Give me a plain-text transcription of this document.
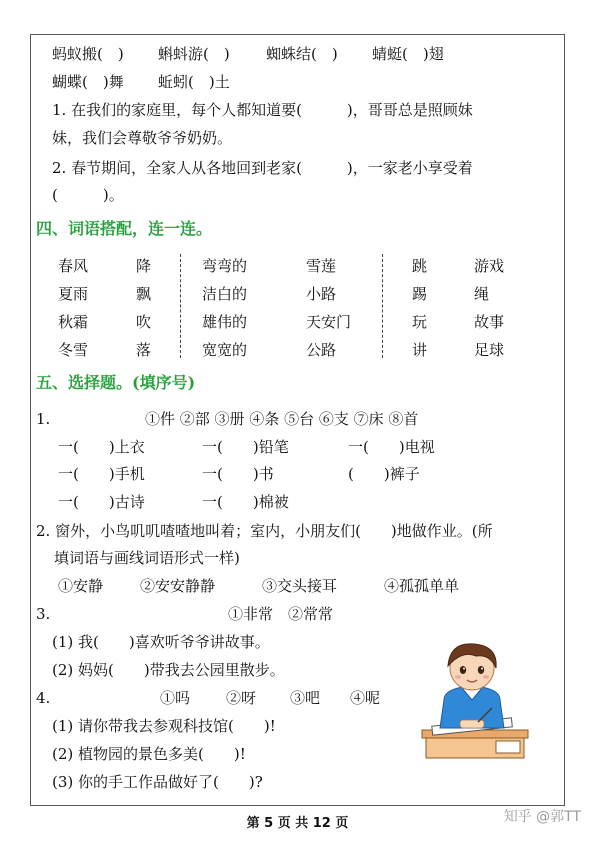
蚂蚁搬(　) 蝌蚪游(　) 蜘蛛结(　) 蜻蜓(　)翅
蝴蝶(　)舞 蚯蚓(　)土
1. 在我们的家庭里，每个人都知道要(　　　)，哥哥总是照顾妹
妹，我们会尊敬爷爷奶奶。
2. 春节期间，全家人从各地回到老家(　　　)，一家老小享受着
(　　　)。
四、词语搭配，连一连。
春风	降	弯弯的	雪莲	跳	游戏
夏雨	飘	洁白的	小路	踢	绳
秋霜	吹	雄伟的	天安门	玩	故事
冬雪	落	宽宽的	公路	讲	足球
五、选择题。(填序号)
1.	①件 ②部 ③册 ④条 ⑤台 ⑥支 ⑦床 ⑧首
一(　　)上衣	一(　　)铅笔	一(　　)电视
一(　　)手机	一(　　)书	(　　)裤子
一(　　)古诗	一(　　)棉被
2. 窗外，小鸟叽叽喳喳地叫着；室内，小朋友们(　　)地做作业。(所
填词语与画线词语形式一样)
①安静 ②安安静静	③交头接耳	④孤孤单单
3.	①非常　②常常
(1) 我(　　)喜欢听爷爷讲故事。
(2) 妈妈(　　)带我去公园里散步。
4.	①吗 ②呀 ③吧 ④呢
(1) 请你带我去参观科技馆(　　)!
(2) 植物园的景色多美(　　)!
(3) 你的手工作品做好了(　　)?
第 5 页 共 12 页	知乎 @郭TT
